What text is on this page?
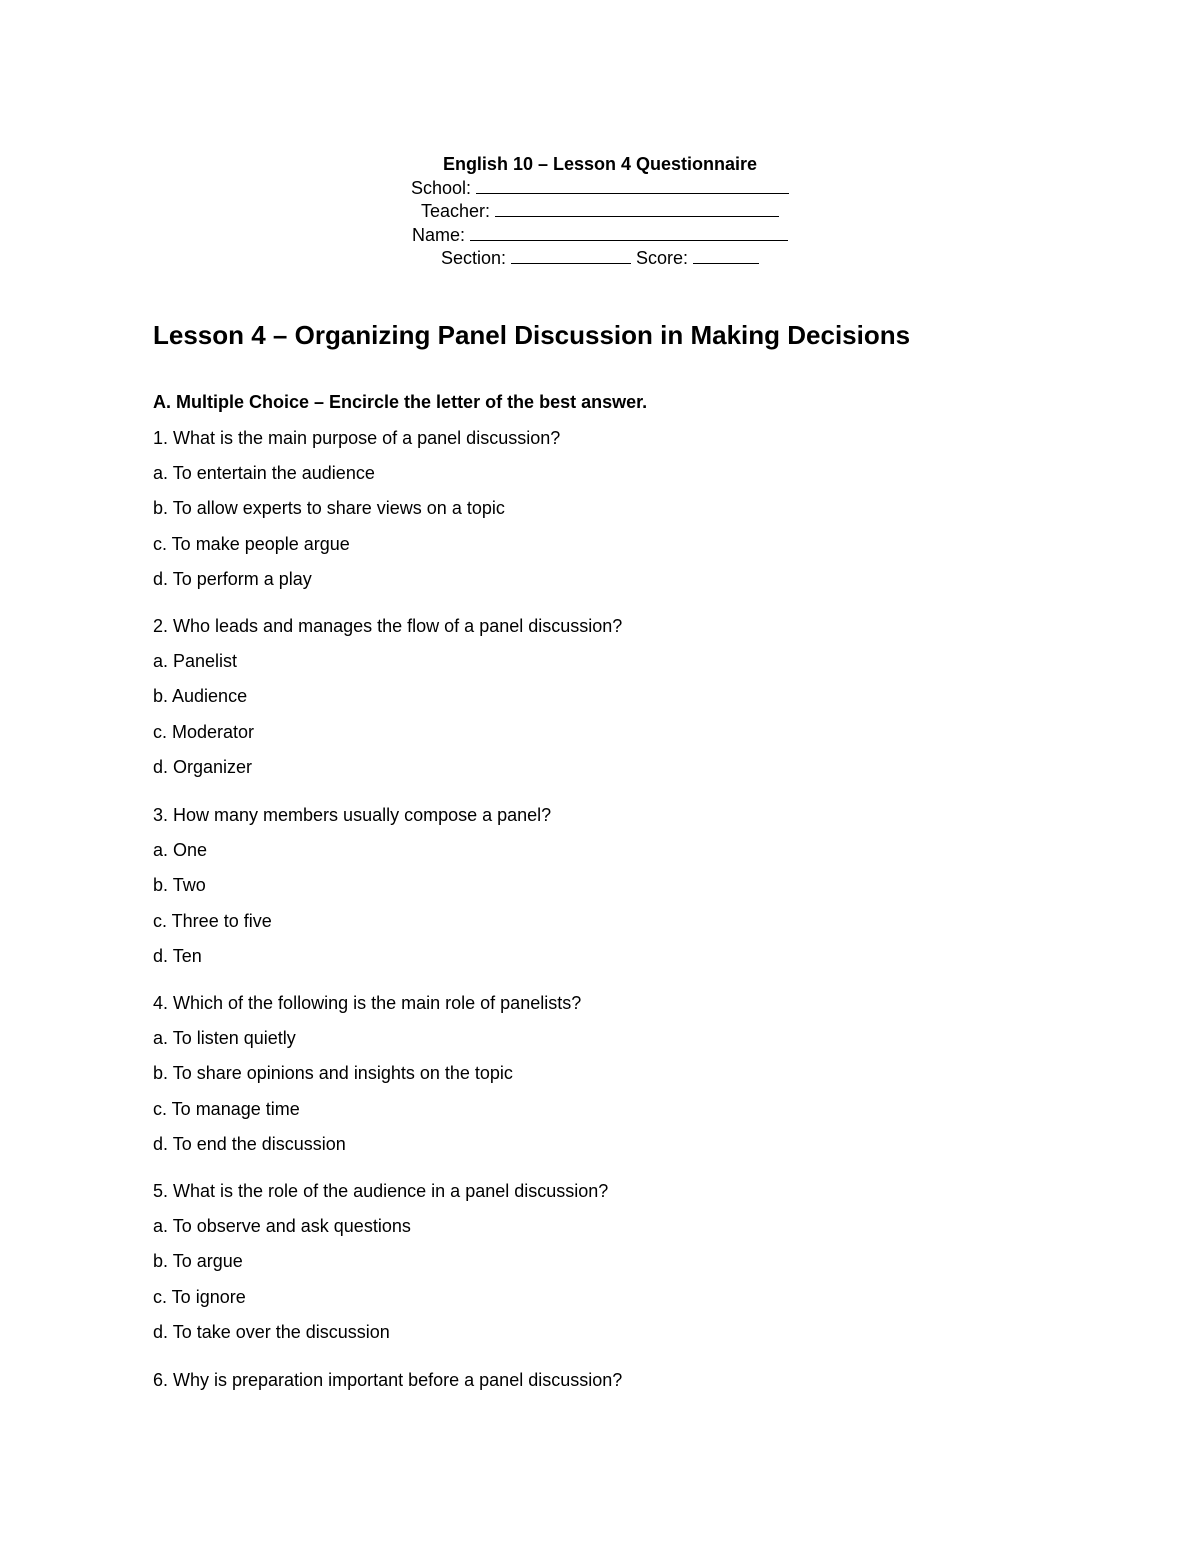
English 10 – Lesson 4 Questionnaire
School:
Teacher:
Name:
Section:	Score:
Lesson 4 – Organizing Panel Discussion in Making Decisions
A. Multiple Choice – Encircle the letter of the best answer.
1. What is the main purpose of a panel discussion?
a. To entertain the audience
b. To allow experts to share views on a topic
c. To make people argue
d. To perform a play
2. Who leads and manages the flow of a panel discussion?
a. Panelist
b. Audience
c. Moderator
d. Organizer
3. How many members usually compose a panel?
a. One
b. Two
c. Three to five
d. Ten
4. Which of the following is the main role of panelists?
a. To listen quietly
b. To share opinions and insights on the topic
c. To manage time
d. To end the discussion
5. What is the role of the audience in a panel discussion?
a. To observe and ask questions
b. To argue
c. To ignore
d. To take over the discussion
6. Why is preparation important before a panel discussion?
